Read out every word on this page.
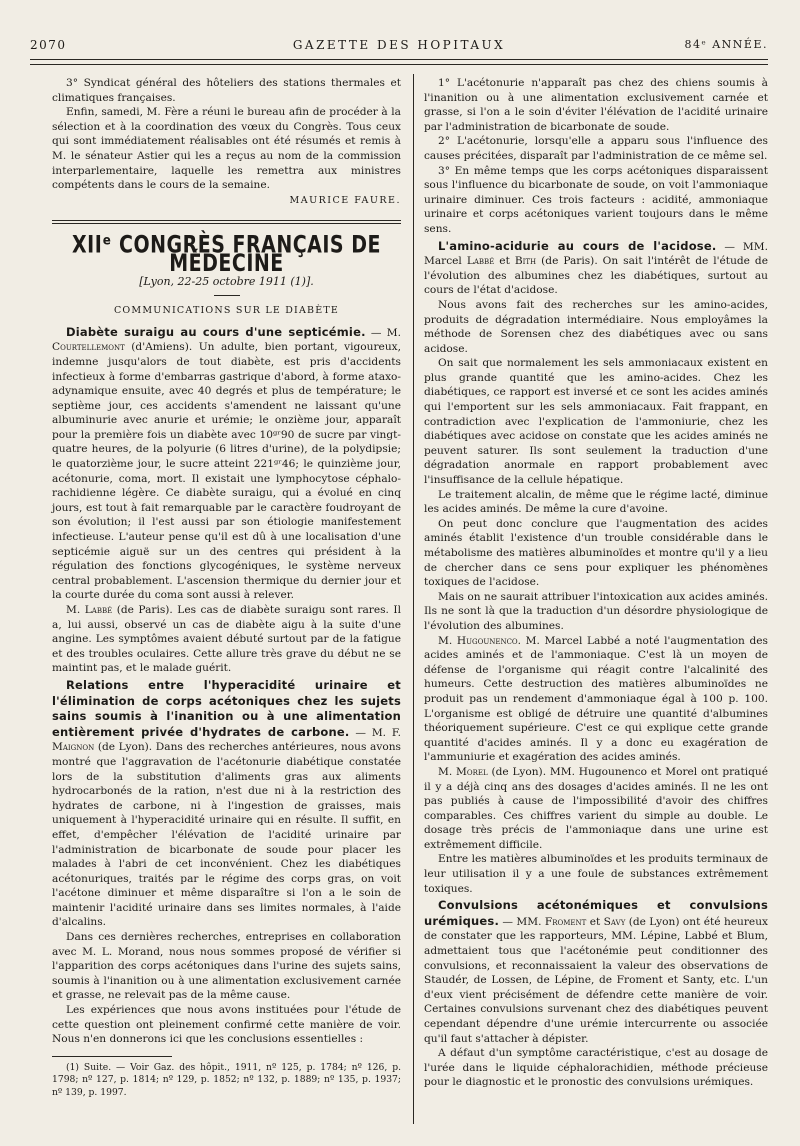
2070	GAZETTE DES HOPITAUX	84ᵉ ANNÉE.

3° Syndicat général des hôteliers des stations thermales et climatiques françaises.

Enfin, samedi, M. Fère a réuni le bureau afin de procéder à la sélection et à la coordination des vœux du Congrès. Tous ceux qui sont immédiatement réalisables ont été résumés et remis à M. le sénateur Astier qui les a reçus au nom de la commission interparlementaire, laquelle les remettra aux ministres compétents dans le cours de la semaine.

MAURICE FAURE.
XIIᵉ CONGRÈS FRANÇAIS DE MÉDECINE
[Lyon, 22-25 octobre 1911 (1)].
COMMUNICATIONS SUR LE DIABÈTE

Diabète suraigu au cours d'une septicémie. — M. Courtellemont (d'Amiens). Un adulte, bien portant, vigoureux, indemne jusqu'alors de tout diabète, est pris d'accidents infectieux à forme d'embarras gastrique d'abord, à forme ataxo-adynamique ensuite, avec 40 degrés et plus de température; le septième jour, ces accidents s'amendent ne laissant qu'une albuminurie avec anurie et urémie; le onzième jour, apparaît pour la première fois un diabète avec 10ᵍʳ90 de sucre par vingt-quatre heures, de la polyurie (6 litres d'urine), de la polydipsie; le quatorzième jour, le sucre atteint 221ᵍʳ46; le quinzième jour, acétonurie, coma, mort. Il existait une lymphocytose céphalo-rachidienne légère. Ce diabète suraigu, qui a évolué en cinq jours, est tout à fait remarquable par le caractère foudroyant de son évolution; il l'est aussi par son étiologie manifestement infectieuse. L'auteur pense qu'il est dû à une localisation d'une septicémie aiguë sur un des centres qui président à la régulation des fonctions glycogéniques, le système nerveux central probablement. L'ascension thermique du dernier jour et la courte durée du coma sont aussi à relever.

M. Labbé (de Paris). Les cas de diabète suraigu sont rares. Il a, lui aussi, observé un cas de diabète aigu à la suite d'une angine. Les symptômes avaient débuté surtout par de la fatigue et des troubles oculaires. Cette allure très grave du début ne se maintint pas, et le malade guérit.

Relations entre l'hyperacidité urinaire et l'élimination de corps acétoniques chez les sujets sains soumis à l'inanition ou à une alimentation entièrement privée d'hydrates de carbone. — M. F. Maignon (de Lyon). Dans des recherches antérieures, nous avons montré que l'aggravation de l'acétonurie diabétique constatée lors de la substitution d'aliments gras aux aliments hydrocarbonés de la ration, n'est due ni à la restriction des hydrates de carbone, ni à l'ingestion de graisses, mais uniquement à l'hyperacidité urinaire qui en résulte. Il suffit, en effet, d'empêcher l'élévation de l'acidité urinaire par l'administration de bicarbonate de soude pour placer les malades à l'abri de cet inconvénient. Chez les diabétiques acétonuriques, traités par le régime des corps gras, on voit l'acétone diminuer et même disparaître si l'on a le soin de maintenir l'acidité urinaire dans ses limites normales, à l'aide d'alcalins.

Dans ces dernières recherches, entreprises en collaboration avec M. L. Morand, nous nous sommes proposé de vérifier si l'apparition des corps acétoniques dans l'urine des sujets sains, soumis à l'inanition ou à une alimentation exclusivement carnée et grasse, ne relevait pas de la même cause.

Les expériences que nous avons instituées pour l'étude de cette question ont pleinement confirmé cette manière de voir. Nous n'en donnerons ici que les conclusions essentielles :

(1) Suite. — Voir Gaz. des hôpit., 1911, nº 125, p. 1784; nº 126, p. 1798; nº 127, p. 1814; nº 129, p. 1852; nº 132, p. 1889; nº 135, p. 1937; nº 139, p. 1997.

1° L'acétonurie n'apparaît pas chez des chiens soumis à l'inanition ou à une alimentation exclusivement carnée et grasse, si l'on a le soin d'éviter l'élévation de l'acidité urinaire par l'administration de bicarbonate de soude.

2° L'acétonurie, lorsqu'elle a apparu sous l'influence des causes précitées, disparaît par l'administration de ce même sel.

3° En même temps que les corps acétoniques disparaissent sous l'influence du bicarbonate de soude, on voit l'ammoniaque urinaire diminuer. Ces trois facteurs : acidité, ammoniaque urinaire et corps acétoniques varient toujours dans le même sens.

L'amino-acidurie au cours de l'acidose. — MM. Marcel Labbé et Bith (de Paris). On sait l'intérêt de l'étude de l'évolution des albumines chez les diabétiques, surtout au cours de l'état d'acidose.

Nous avons fait des recherches sur les amino-acides, produits de dégradation intermédiaire. Nous employâmes la méthode de Sorensen chez des diabétiques avec ou sans acidose.

On sait que normalement les sels ammoniacaux existent en plus grande quantité que les amino-acides. Chez les diabétiques, ce rapport est inversé et ce sont les acides aminés qui l'emportent sur les sels ammoniacaux. Fait frappant, en contradiction avec l'explication de l'ammoniurie, chez les diabétiques avec acidose on constate que les acides aminés ne peuvent saturer. Ils sont seulement la traduction d'une dégradation anormale en rapport probablement avec l'insuffisance de la cellule hépatique.

Le traitement alcalin, de même que le régime lacté, diminue les acides aminés. De même la cure d'avoine.

On peut donc conclure que l'augmentation des acides aminés établit l'existence d'un trouble considérable dans le métabolisme des matières albuminoïdes et montre qu'il y a lieu de chercher dans ce sens pour expliquer les phénomènes toxiques de l'acidose.

Mais on ne saurait attribuer l'intoxication aux acides aminés. Ils ne sont là que la traduction d'un désordre physiologique de l'évolution des albumines.

M. Hugounenco. M. Marcel Labbé a noté l'augmentation des acides aminés et de l'ammoniaque. C'est là un moyen de défense de l'organisme qui réagit contre l'alcalinité des humeurs. Cette destruction des matières albuminoïdes ne produit pas un rendement d'ammoniaque égal à 100 p. 100. L'organisme est obligé de détruire une quantité d'albumines théoriquement supérieure. C'est ce qui explique cette grande quantité d'acides aminés. Il y a donc eu exagération de l'ammuniurie et exagération des acides aminés.

M. Morel (de Lyon). MM. Hugounenco et Morel ont pratiqué il y a déjà cinq ans des dosages d'acides aminés. Il ne les ont pas publiés à cause de l'impossibilité d'avoir des chiffres comparables. Ces chiffres varient du simple au double. Le dosage très précis de l'ammoniaque dans une urine est extrêmement difficile.

Entre les matières albuminoïdes et les produits terminaux de leur utilisation il y a une foule de substances extrêmement toxiques.

Convulsions acétonémiques et convulsions urémiques. — MM. Froment et Savy (de Lyon) ont été heureux de constater que les rapporteurs, MM. Lépine, Labbé et Blum, admettaient tous que l'acétonémie peut conditionner des convulsions, et reconnaissaient la valeur des observations de Staudér, de Lossen, de Lépine, de Froment et Santy, etc. L'un d'eux vient précisément de défendre cette manière de voir. Certaines convulsions survenant chez des diabétiques peuvent cependant dépendre d'une urémie intercurrente ou associée qu'il faut s'attacher à dépister.

A défaut d'un symptôme caractéristique, c'est au dosage de l'urée dans le liquide céphalorachidien, méthode précieuse pour le diagnostic et le pronostic des convulsions urémiques.
